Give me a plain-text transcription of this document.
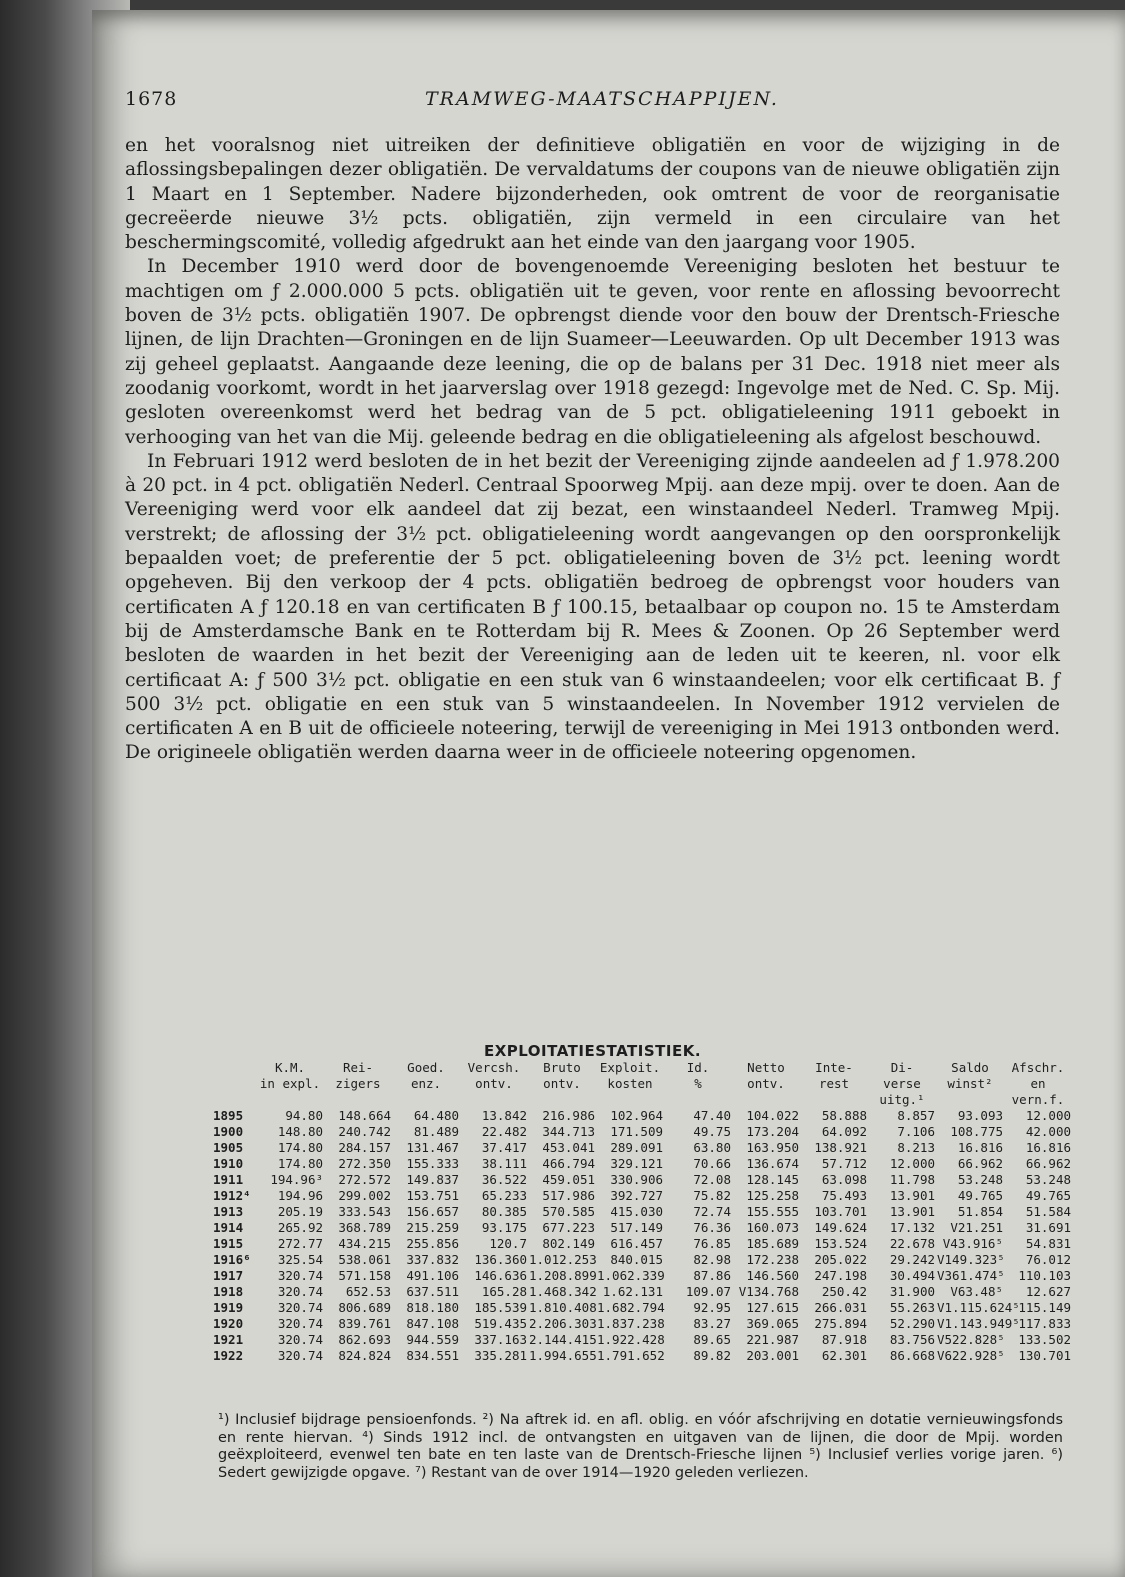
1678	TRAMWEG-MAATSCHAPPIJEN.

en het vooralsnog niet uitreiken der definitieve obligatiën en voor de wijziging in de aflossingsbepalingen dezer obligatiën. De vervaldatums der coupons van de nieuwe obligatiën zijn 1 Maart en 1 September. Nadere bijzonderheden, ook omtrent de voor de reorganisatie gecreëerde nieuwe 3½ pcts. obligatiën, zijn vermeld in een circulaire van het beschermingscomité, volledig afgedrukt aan het einde van den jaargang voor 1905.

In December 1910 werd door de bovengenoemde Vereeniging besloten het bestuur te machtigen om ƒ 2.000.000 5 pcts. obligatiën uit te geven, voor rente en aflossing bevoorrecht boven de 3½ pcts. obligatiën 1907. De opbrengst diende voor den bouw der Drentsch-Friesche lijnen, de lijn Drachten—Groningen en de lijn Suameer—Leeuwarden. Op ult December 1913 was zij geheel geplaatst. Aangaande deze leening, die op de balans per 31 Dec. 1918 niet meer als zoodanig voorkomt, wordt in het jaarverslag over 1918 gezegd: Ingevolge met de Ned. C. Sp. Mij. gesloten overeenkomst werd het bedrag van de 5 pct. obligatieleening 1911 geboekt in verhooging van het van die Mij. geleende bedrag en die obligatieleening als afgelost beschouwd.

In Februari 1912 werd besloten de in het bezit der Vereeniging zijnde aandeelen ad ƒ 1.978.200 à 20 pct. in 4 pct. obligatiën Nederl. Centraal Spoorweg Mpij. aan deze mpij. over te doen. Aan de Vereeniging werd voor elk aandeel dat zij bezat, een winstaandeel Nederl. Tramweg Mpij. verstrekt; de aflossing der 3½ pct. obligatieleening wordt aangevangen op den oorspronkelijk bepaalden voet; de preferentie der 5 pct. obligatieleening boven de 3½ pct. leening wordt opgeheven. Bij den verkoop der 4 pcts. obligatiën bedroeg de opbrengst voor houders van certificaten A ƒ 120.18 en van certificaten B ƒ 100.15, betaalbaar op coupon no. 15 te Amsterdam bij de Amsterdamsche Bank en te Rotterdam bij R. Mees & Zoonen. Op 26 September werd besloten de waarden in het bezit der Vereeniging aan de leden uit te keeren, nl. voor elk certificaat A: ƒ 500 3½ pct. obligatie en een stuk van 6 winstaandeelen; voor elk certificaat B. ƒ 500 3½ pct. obligatie en een stuk van 5 winstaandeelen. In November 1912 vervielen de certificaten A en B uit de officieele noteering, terwijl de vereeniging in Mei 1913 ontbonden werd. De origineele obligatiën werden daarna weer in de officieele noteering opgenomen.

EXPLOITATIESTATISTIEK.
	K.M.	Rei-	Goed.	Vercsh.	Bruto	Exploit.	Id.	Netto	Inte-	Di-	Saldo	Afschr.
	in expl.	zigers	enz.	ontv.	ontv.	kosten	%	ontv.	rest	verse	winst²	en
										uitg.¹		vern.f.
1895	94.80	148.664	64.480	13.842	216.986	102.964	47.40	104.022	58.888	8.857	93.093	12.000
1900	148.80	240.742	81.489	22.482	344.713	171.509	49.75	173.204	64.092	7.106	108.775	42.000
1905	174.80	284.157	131.467	37.417	453.041	289.091	63.80	163.950	138.921	8.213	16.816	16.816
1910	174.80	272.350	155.333	38.111	466.794	329.121	70.66	136.674	57.712	12.000	66.962	66.962
1911	194.96³	272.572	149.837	36.522	459.051	330.906	72.08	128.145	63.098	11.798	53.248	53.248
1912⁴	194.96	299.002	153.751	65.233	517.986	392.727	75.82	125.258	75.493	13.901	49.765	49.765
1913	205.19	333.543	156.657	80.385	570.585	415.030	72.74	155.555	103.701	13.901	51.854	51.584
1914	265.92	368.789	215.259	93.175	677.223	517.149	76.36	160.073	149.624	17.132	V21.251	31.691
1915	272.77	434.215	255.856	120.7	802.149	616.457	76.85	185.689	153.524	22.678	V43.916⁵	54.831
1916⁶	325.54	538.061	337.832	136.360	1.012.253	840.015	82.98	172.238	205.022	29.242	V149.323⁵	76.012
1917	320.74	571.158	491.106	146.636	1.208.899	1.062.339	87.86	146.560	247.198	30.494	V361.474⁵	110.103
1918	320.74	652.53	637.511	165.28	1.468.342	1.62.131	109.07	V134.768	250.42	31.900	V63.48⁵	12.627
1919	320.74	806.689	818.180	185.539	1.810.408	1.682.794	92.95	127.615	266.031	55.263	V1.115.624⁵	115.149
1920	320.74	839.761	847.108	519.435	2.206.303	1.837.238	83.27	369.065	275.894	52.290	V1.143.949⁵	117.833
1921	320.74	862.693	944.559	337.163	2.144.415	1.922.428	89.65	221.987	87.918	83.756	V522.828⁵	133.502
1922	320.74	824.824	834.551	335.281	1.994.655	1.791.652	89.82	203.001	62.301	86.668	V622.928⁵	130.701
¹) Inclusief bijdrage pensioenfonds. ²) Na aftrek id. en afl. oblig. en vóór afschrijving en dotatie vernieuwingsfonds en rente hiervan. ⁴) Sinds 1912 incl. de ontvangsten en uitgaven van de lijnen, die door de Mpij. worden geëxploiteerd, evenwel ten bate en ten laste van de Drentsch-Friesche lijnen ⁵) Inclusief verlies vorige jaren. ⁶) Sedert gewijzigde opgave. ⁷) Restant van de over 1914—1920 geleden verliezen.
